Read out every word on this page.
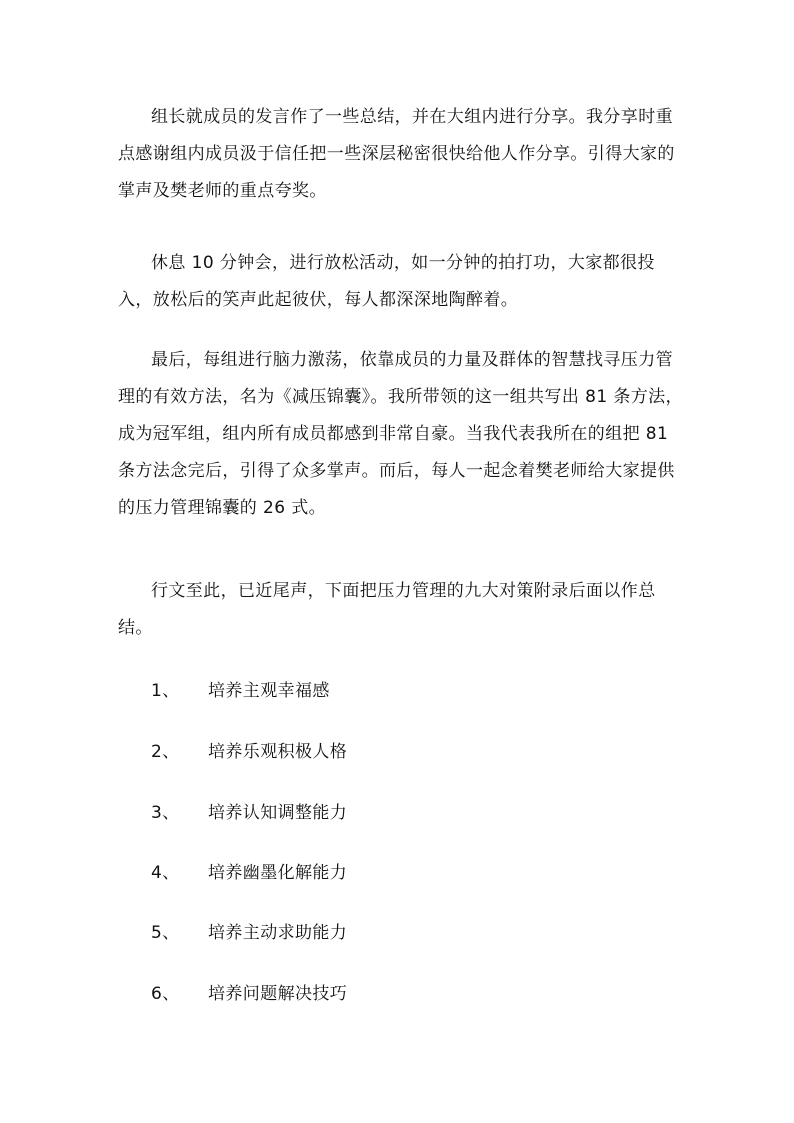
组长就成员的发言作了一些总结，并在大组内进行分享。我分享时重点感谢组内成员汲于信任把一些深层秘密很快给他人作分享。引得大家的掌声及樊老师的重点夸奖。

休息 10 分钟会，进行放松活动，如一分钟的拍打功，大家都很投入，放松后的笑声此起彼伏，每人都深深地陶醉着。

最后，每组进行脑力激荡，依靠成员的力量及群体的智慧找寻压力管理的有效方法，名为《减压锦囊》。我所带领的这一组共写出 81 条方法，成为冠军组，组内所有成员都感到非常自豪。当我代表我所在的组把 81 条方法念完后，引得了众多掌声。而后，每人一起念着樊老师给大家提供的压力管理锦囊的 26 式。

行文至此，已近尾声，下面把压力管理的九大对策附录后面以作总结。

1、 培养主观幸福感
2、 培养乐观积极人格
3、 培养认知调整能力
4、 培养幽墨化解能力
5、 培养主动求助能力
6、 培养问题解决技巧
